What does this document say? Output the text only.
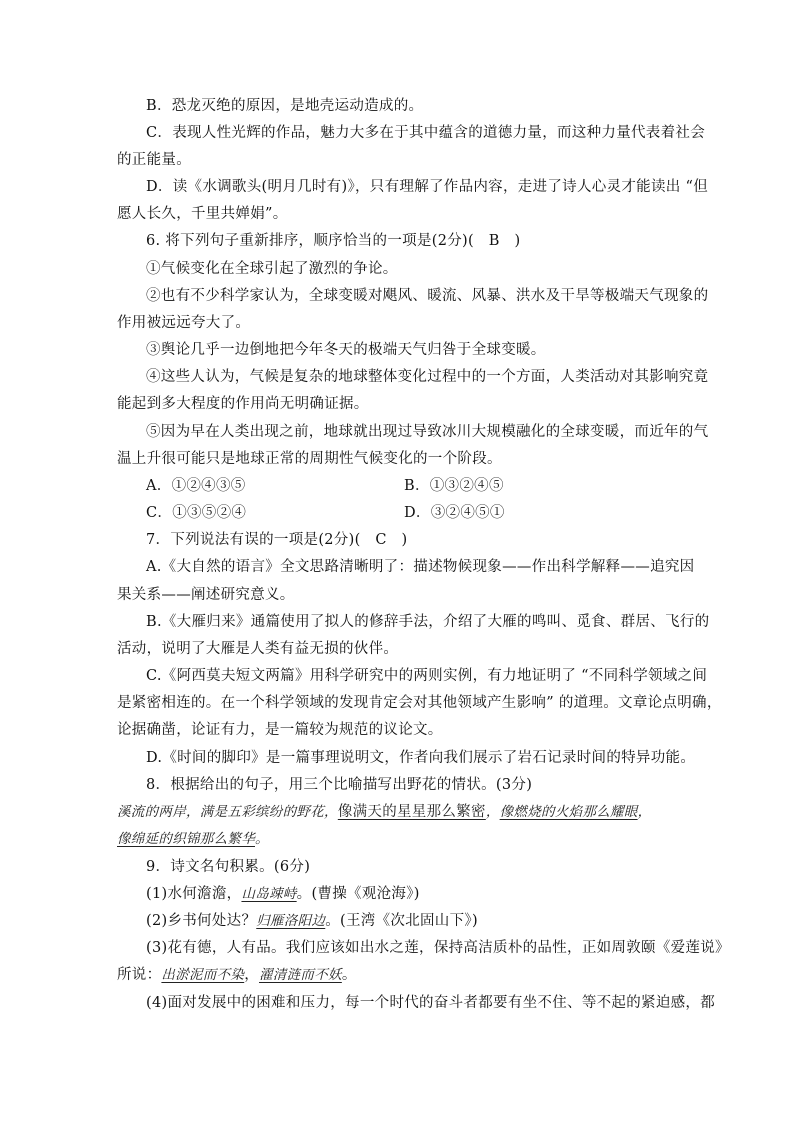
B．恐龙灭绝的原因，是地壳运动造成的。
C．表现人性光辉的作品，魅力大多在于其中蕴含的道德力量，而这种力量代表着社会
的正能量。
D．读《水调歌头(明月几时有)》，只有理解了作品内容，走进了诗人心灵才能读出 “但
愿人长久，千里共婵娟”。
6. 将下列句子重新排序，顺序恰当的一项是(2分)(　B　)
①气候变化在全球引起了激烈的争论。
②也有不少科学家认为，全球变暖对飓风、暖流、风暴、洪水及干旱等极端天气现象的
作用被远远夸大了。
③舆论几乎一边倒地把今年冬天的极端天气归咎于全球变暖。
④这些人认为，气候是复杂的地球整体变化过程中的一个方面，人类活动对其影响究竟
能起到多大程度的作用尚无明确证据。
⑤因为早在人类出现之前，地球就出现过导致冰川大规模融化的全球变暖，而近年的气
温上升很可能只是地球正常的周期性气候变化的一个阶段。
A．①②④③⑤	B．①③②④⑤
C．①③⑤②④	D．③②④⑤①
7．下列说法有误的一项是(2分)(　C　)
A.《大自然的语言》全文思路清晰明了：描述物候现象——作出科学解释——追究因
果关系——阐述研究意义。
B.《大雁归来》通篇使用了拟人的修辞手法，介绍了大雁的鸣叫、觅食、群居、飞行的
活动，说明了大雁是人类有益无损的伙伴。
C.《阿西莫夫短文两篇》用科学研究中的两则实例，有力地证明了 “不同科学领域之间
是紧密相连的。在一个科学领域的发现肯定会对其他领域产生影响” 的道理。文章论点明确，
论据确凿，论证有力，是一篇较为规范的议论文。
D.《时间的脚印》是一篇事理说明文，作者向我们展示了岩石记录时间的特异功能。
8．根据给出的句子，用三个比喻描写出野花的情状。(3分)
溪流的两岸，满是五彩缤纷的野花，像满天的星星那么繁密，像燃烧的火焰那么耀眼，
像绵延的织锦那么繁华。
9．诗文名句积累。(6分)
(1)水何澹澹，山岛竦峙。(曹操《观沧海》)
(2)乡书何处达？归雁洛阳边。(王湾《次北固山下》)
(3)花有德，人有品。我们应该如出水之莲，保持高洁质朴的品性，正如周敦颐《爱莲说》
所说：出淤泥而不染，濯清涟而不妖。
(4)面对发展中的困难和压力，每一个时代的奋斗者都要有坐不住、等不起的紧迫感，都
